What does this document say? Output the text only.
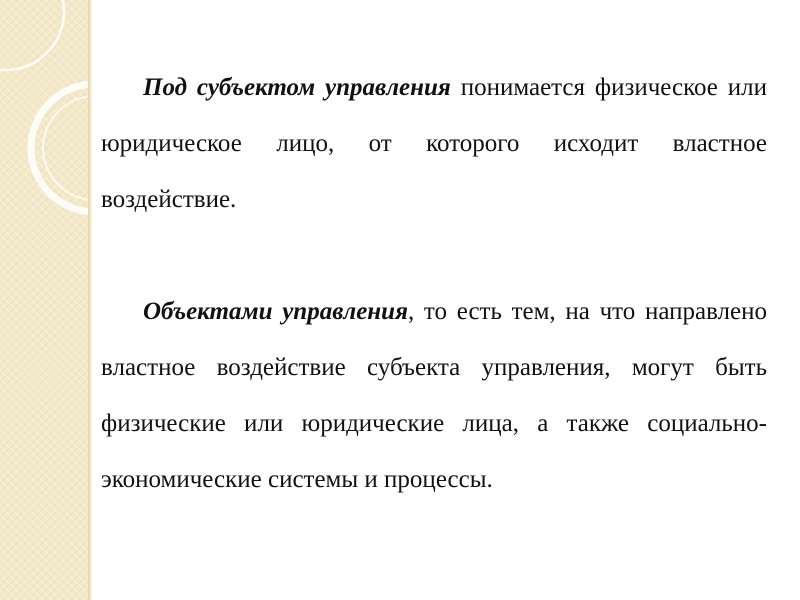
Под субъектом управления понимается физическое или юридическое лицо, от которого исходит властное воздействие.

Объектами управления, то есть тем, на что направлено властное воздействие субъекта управления, могут быть физические или юридические лица, а также социально-экономические системы и процессы.
